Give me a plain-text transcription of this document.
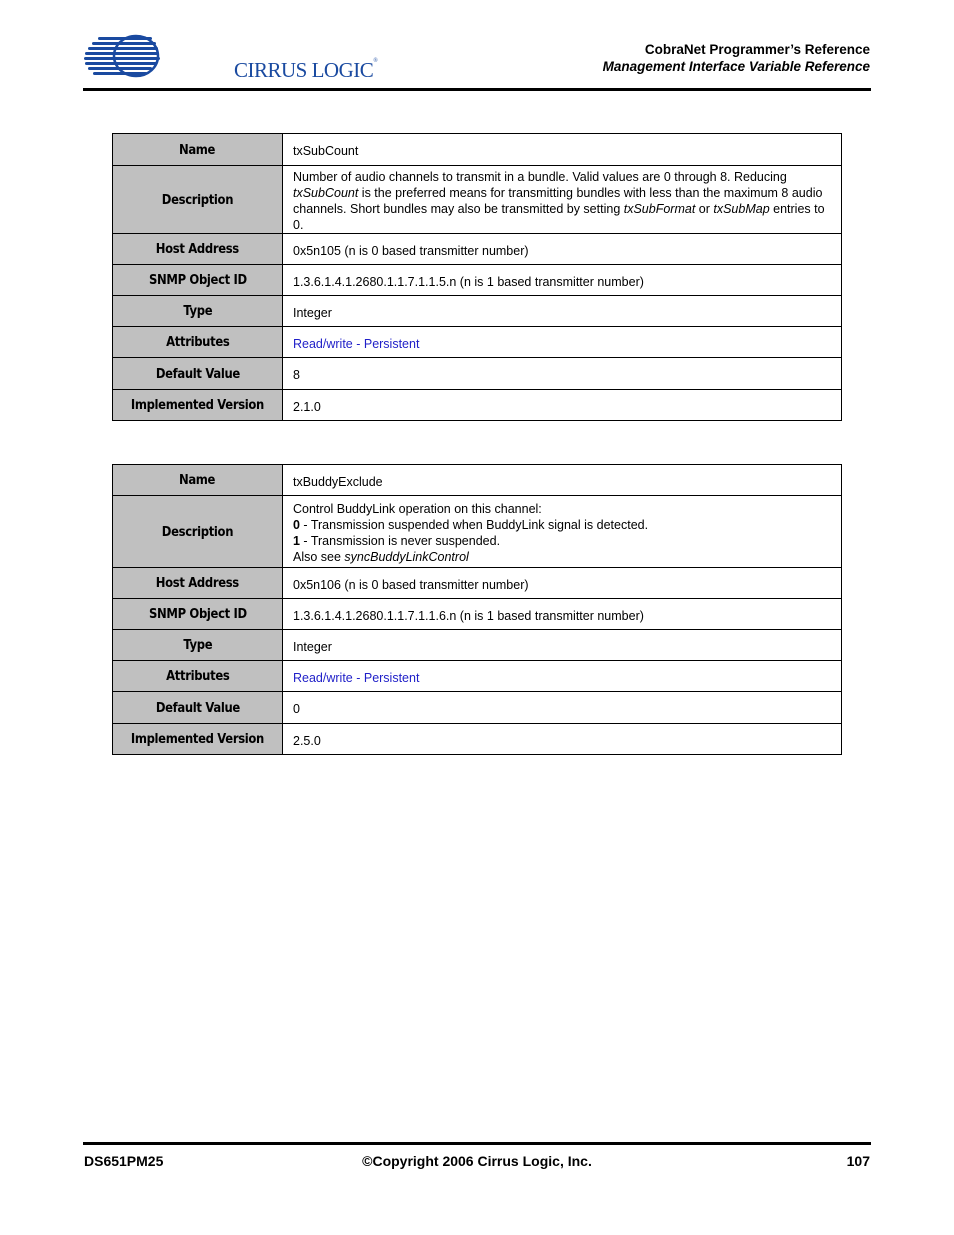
CIRRUS LOGIC®
CobraNet Programmer’s Reference
Management Interface Variable Reference
Name	txSubCount
Description	Number of audio channels to transmit in a bundle. Valid values are 0 through 8. Reducing txSubCount is the preferred means for transmitting bundles with less than the maximum 8 audio channels. Short bundles may also be transmitted by setting txSubFormat or txSubMap entries to 0.
Host Address	0x5n105 (n is 0 based transmitter number)
SNMP Object ID	1.3.6.1.4.1.2680.1.1.7.1.1.5.n (n is 1 based transmitter number)
Type	Integer
Attributes	Read/write - Persistent
Default Value	8
Implemented Version	2.1.0
Name	txBuddyExclude
Description	Control BuddyLink operation on this channel:
0 - Transmission suspended when BuddyLink signal is detected.
1 - Transmission is never suspended.
Also see syncBuddyLinkControl
Host Address	0x5n106 (n is 0 based transmitter number)
SNMP Object ID	1.3.6.1.4.1.2680.1.1.7.1.1.6.n (n is 1 based transmitter number)
Type	Integer
Attributes	Read/write - Persistent
Default Value	0
Implemented Version	2.5.0
DS651PM25	©Copyright 2006 Cirrus Logic, Inc.	107
